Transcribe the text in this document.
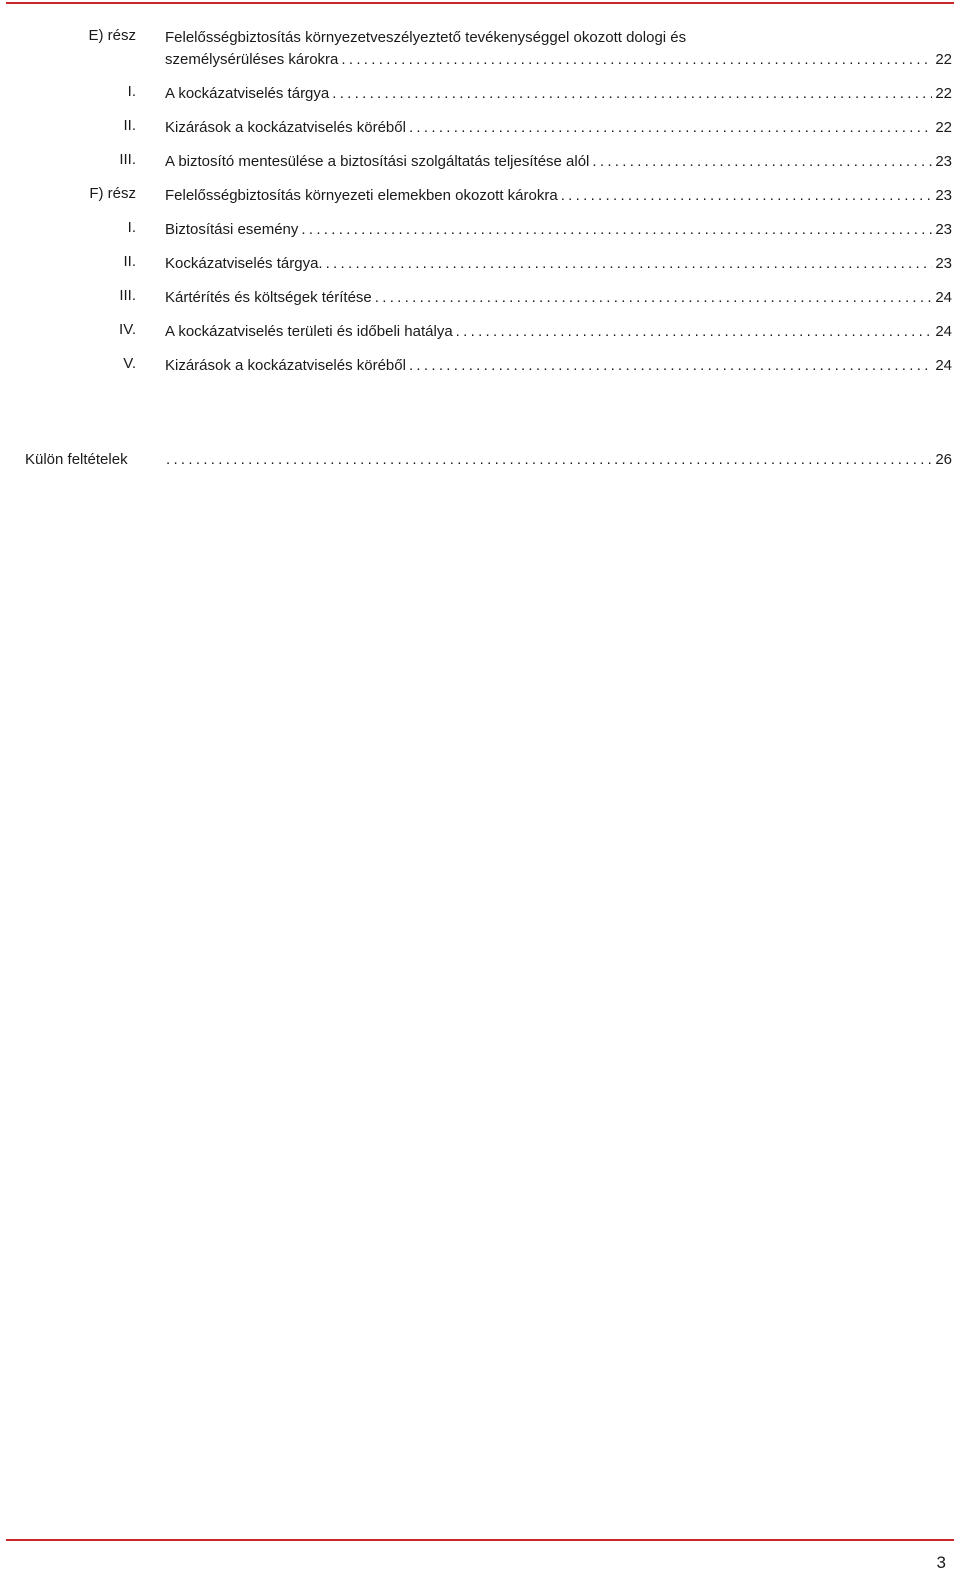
E) rész Felelősségbiztosítás környezetveszélyeztető tevékenységgel okozott dologi és
személysérüléses károkra .....	22
I. A kockázatviselés tárgya .....	22
II. Kizárások a kockázatviselés köréből .....	22
III. A biztosító mentesülése a biztosítási szolgáltatás teljesítése alól .....	23
F) rész Felelősségbiztosítás környezeti elemekben okozott károkra .....	23
I. Biztosítási esemény .....	23
II. Kockázatviselés tárgya. .....	23
III. Kártérítés és költségek térítése .....	24
IV. A kockázatviselés területi és időbeli hatálya .....	24
V. Kizárások a kockázatviselés köréből .....	24
Külön feltételek .....	26
3
